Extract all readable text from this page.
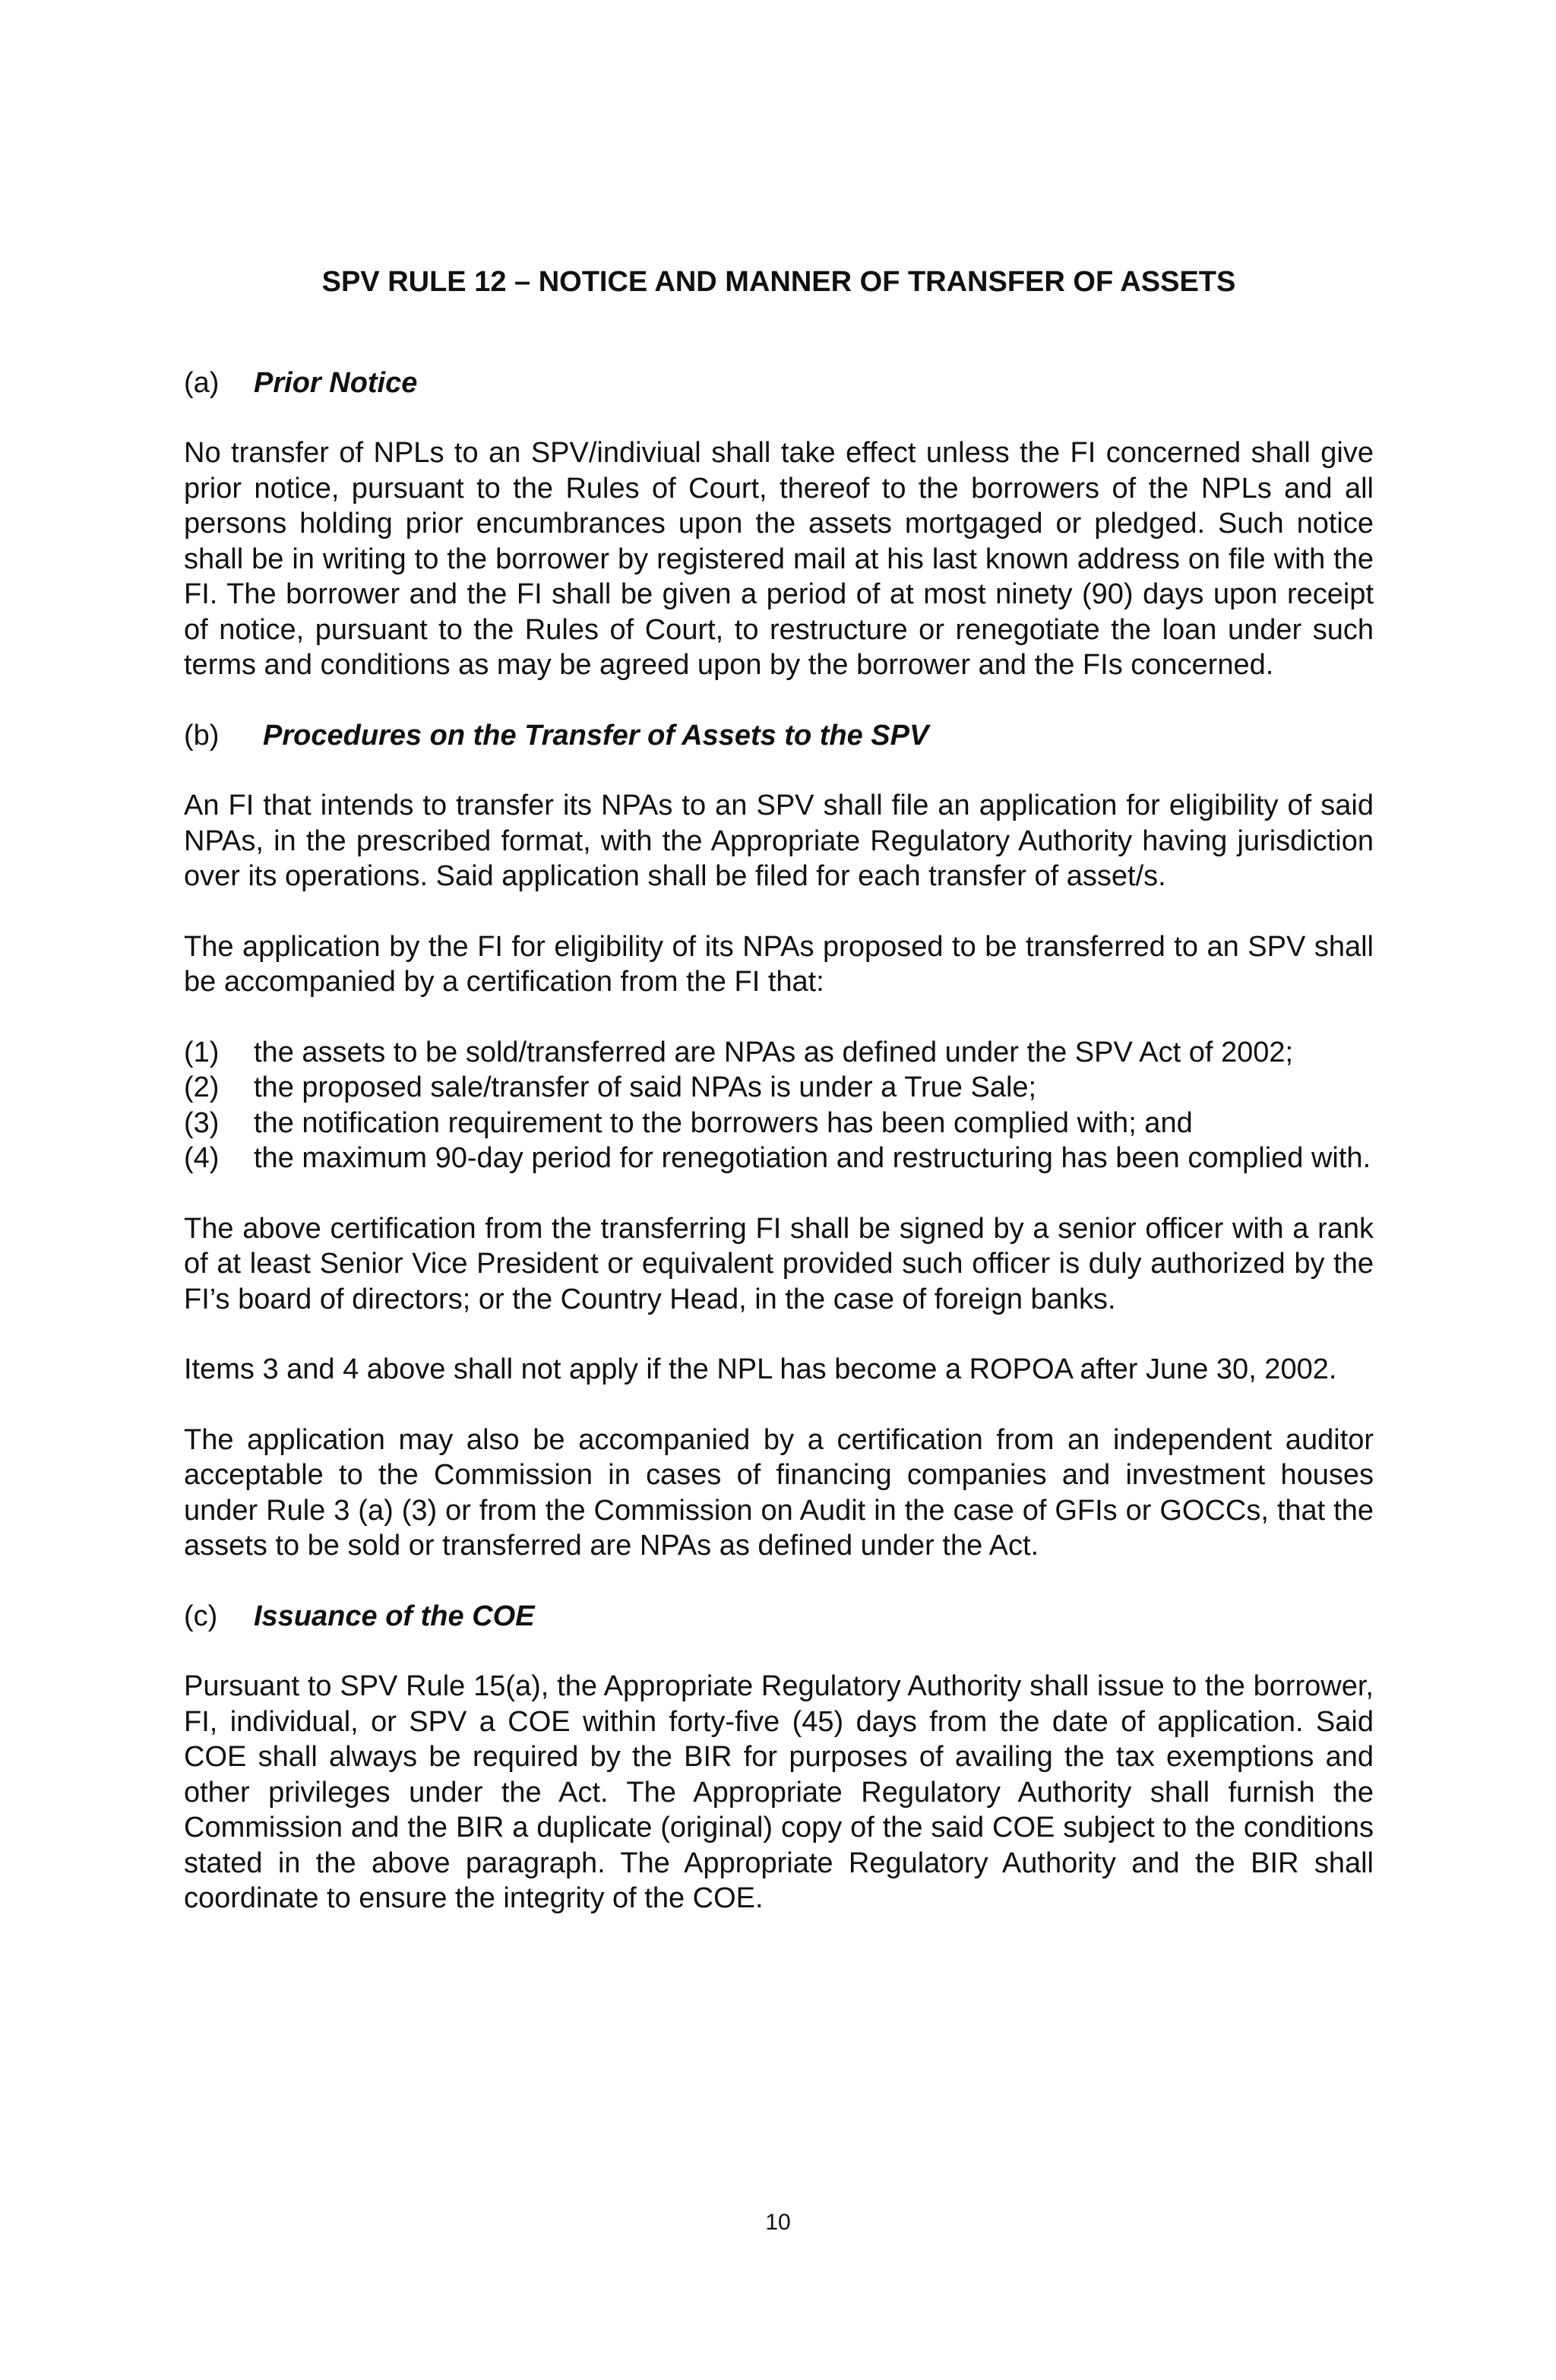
SPV RULE 12 – NOTICE AND MANNER OF TRANSFER OF ASSETS
(a)	Prior Notice

No transfer of NPLs to an SPV/indiviual shall take effect unless the FI concerned shall give prior notice, pursuant to the Rules of Court, thereof to the borrowers of the NPLs and all persons holding prior encumbrances upon the assets mortgaged or pledged. Such notice shall be in writing to the borrower by registered mail at his last known address on file with the FI. The borrower and the FI shall be given a period of at most ninety (90) days upon receipt of notice, pursuant to the Rules of Court, to restructure or renegotiate the loan under such terms and conditions as may be agreed upon by the borrower and the FIs concerned.

(b)	Procedures on the Transfer of Assets to the SPV

An FI that intends to transfer its NPAs to an SPV shall file an application for eligibility of said NPAs, in the prescribed format, with the Appropriate Regulatory Authority having jurisdiction over its operations. Said application shall be filed for each transfer of asset/s.

The application by the FI for eligibility of its NPAs proposed to be transferred to an SPV shall be accompanied by a certification from the FI that:

(1)	the assets to be sold/transferred are NPAs as defined under the SPV Act of 2002;
(2)	the proposed sale/transfer of said NPAs is under a True Sale;
(3)	the notification requirement to the borrowers has been complied with; and
(4)	the maximum 90-day period for renegotiation and restructuring has been complied with.

The above certification from the transferring FI shall be signed by a senior officer with a rank of at least Senior Vice President or equivalent provided such officer is duly authorized by the FI’s board of directors; or the Country Head, in the case of foreign banks.

Items 3 and 4 above shall not apply if the NPL has become a ROPOA after June 30, 2002.

The application may also be accompanied by a certification from an independent auditor acceptable to the Commission in cases of financing companies and investment houses under Rule 3 (a) (3) or from the Commission on Audit in the case of GFIs or GOCCs, that the assets to be sold or transferred are NPAs as defined under the Act.

(c)	Issuance of the COE

Pursuant to SPV Rule 15(a), the Appropriate Regulatory Authority shall issue to the borrower, FI, individual, or SPV a COE within forty-five (45) days from the date of application. Said COE shall always be required by the BIR for purposes of availing the tax exemptions and other privileges under the Act. The Appropriate Regulatory Authority shall furnish the Commission and the BIR a duplicate (original) copy of the said COE subject to the conditions stated in the above paragraph. The Appropriate Regulatory Authority and the BIR shall coordinate to ensure the integrity of the COE.

10
